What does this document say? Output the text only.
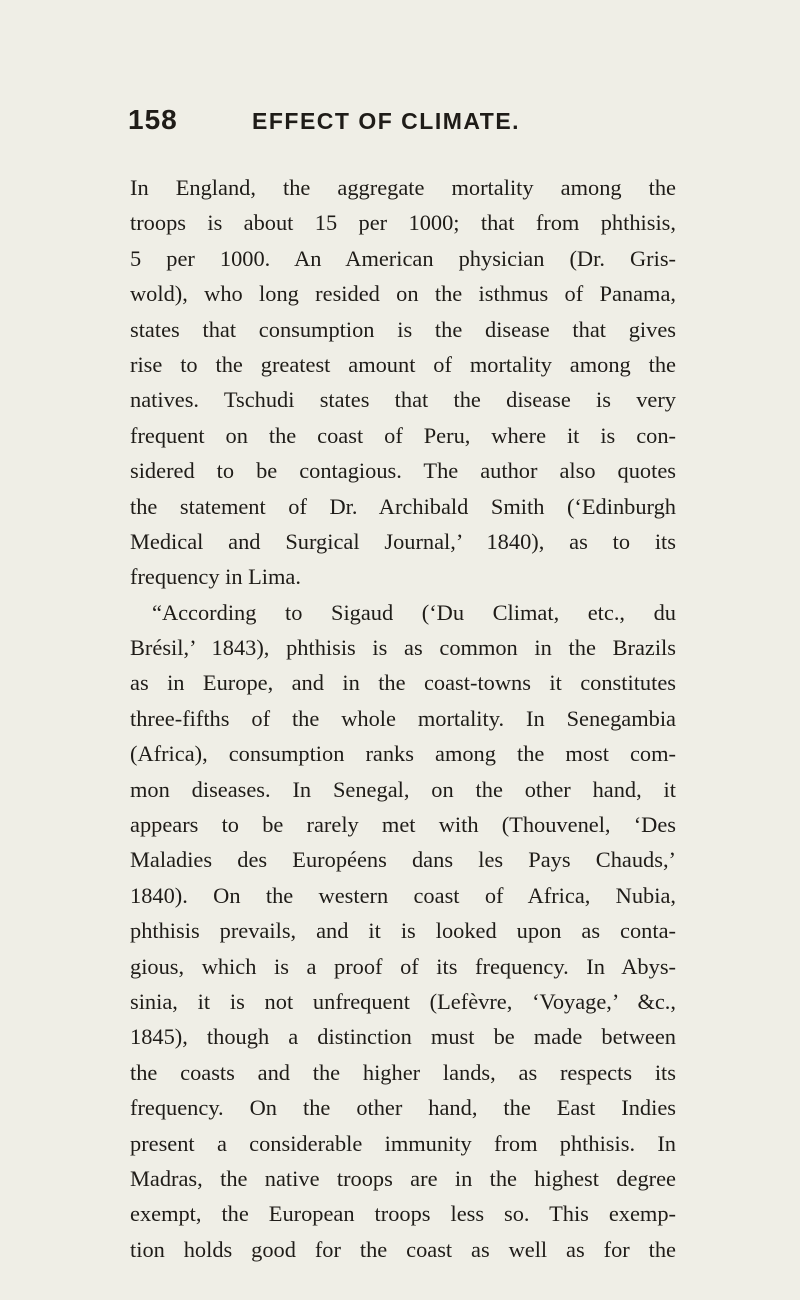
158	EFFECT OF CLIMATE.
In England, the aggregate mortality among the
troops is about 15 per 1000; that from phthisis,
5 per 1000. An American physician (Dr. Gris-
wold), who long resided on the isthmus of Panama,
states that consumption is the disease that gives
rise to the greatest amount of mortality among the
natives. Tschudi states that the disease is very
frequent on the coast of Peru, where it is con-
sidered to be contagious. The author also quotes
the statement of Dr. Archibald Smith (‘Edinburgh
Medical and Surgical Journal,’ 1840), as to its
frequency in Lima.
“According to Sigaud (‘Du Climat, etc., du
Brésil,’ 1843), phthisis is as common in the Brazils
as in Europe, and in the coast-towns it constitutes
three-fifths of the whole mortality. In Senegambia
(Africa), consumption ranks among the most com-
mon diseases. In Senegal, on the other hand, it
appears to be rarely met with (Thouvenel, ‘Des
Maladies des Européens dans les Pays Chauds,’
1840). On the western coast of Africa, Nubia,
phthisis prevails, and it is looked upon as conta-
gious, which is a proof of its frequency. In Abys-
sinia, it is not unfrequent (Lefèvre, ‘Voyage,’ &c.,
1845), though a distinction must be made between
the coasts and the higher lands, as respects its
frequency. On the other hand, the East Indies
present a considerable immunity from phthisis. In
Madras, the native troops are in the highest degree
exempt, the European troops less so. This exemp-
tion holds good for the coast as well as for the
